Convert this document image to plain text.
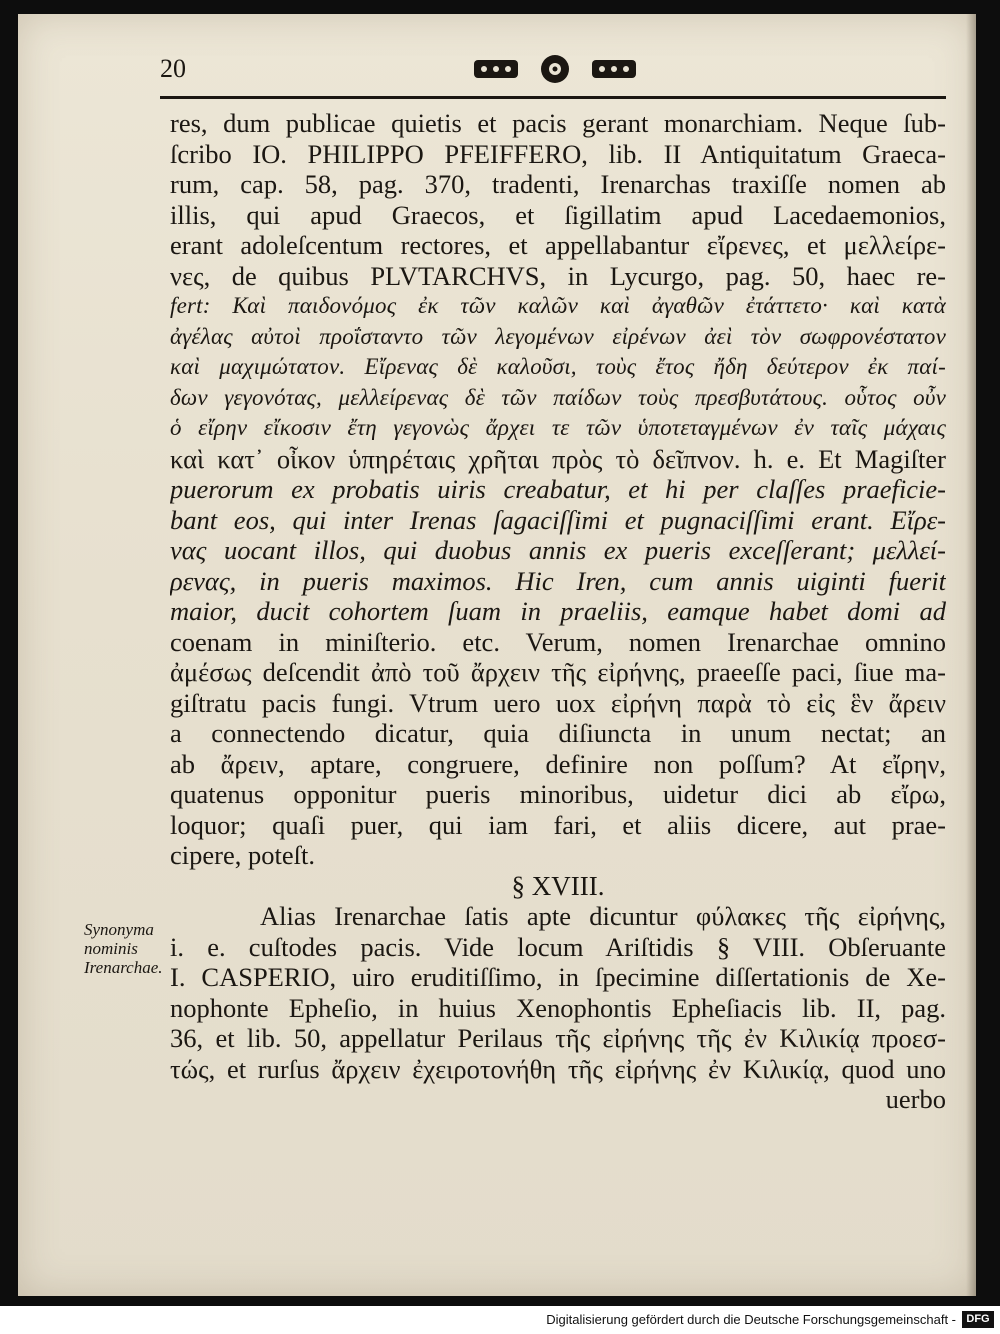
20
res, dum publicae quietis et pacis gerant monarchiam. Neque ſub-
ſcribo IO. PHILIPPO PFEIFFERO, lib. II Antiquitatum Graeca-
rum, cap. 58, pag. 370, tradenti, Irenarchas traxiſſe nomen ab
illis, qui apud Graecos, et ſigillatim apud Lacedaemonios,
erant adoleſcentum rectores, et appellabantur εἴρενες, et μελλείρε-
νες, de quibus PLVTARCHVS, in Lycurgo, pag. 50, haec re-
fert: Καὶ παιδονόμος ἐκ τῶν καλῶν καὶ ἀγαθῶν ἐτάττετο· καὶ κατὰ
ἀγέλας αὐτοὶ προΐσταντο τῶν λεγομένων εἰρένων ἀεὶ τὸν σωφρονέστατον
καὶ μαχιμώτατον. Εἴρενας δὲ καλοῦσι, τοὺς ἔτος ἤδη δεύτερον ἐκ παί-
δων γεγονότας, μελλείρενας δὲ τῶν παίδων τοὺς πρεσβυτάτους. οὗτος οὖν
ὁ εἴρην εἴκοσιν ἔτη γεγονὼς ἄρχει τε τῶν ὑποτεταγμένων ἐν ταῖς μάχαις
καὶ κατ᾽ οἶκον ὑπηρέταις χρῆται πρὸς τὸ δεῖπνον. h. e. Et Magiſter
puerorum ex probatis uiris creabatur, et hi per claſſes praeficie-
bant eos, qui inter Irenas ſagaciſſimi et pugnaciſſimi erant. Εἴρε-
νας uocant illos, qui duobus annis ex pueris exceſſerant; μελλεί-
ρενας, in pueris maximos. Hic Iren, cum annis uiginti fuerit
maior, ducit cohortem ſuam in praeliis, eamque habet domi ad
coenam in miniſterio. etc. Verum, nomen Irenarchae omnino
ἀμέσως deſcendit ἀπὸ τοῦ ἄρχειν τῆς εἰρήνης, praeeſſe paci, ſiue ma-
giſtratu pacis fungi. Vtrum uero uox εἰρήνη παρὰ τὸ εἰς ἓν ἄρειν
a connectendo dicatur, quia diſiuncta in unum nectat; an
ab ἄρειν, aptare, congruere, definire non poſſum? At εἴρην,
quatenus opponitur pueris minoribus, uidetur dici ab εἴρω,
loquor; quaſi puer, qui iam fari, et aliis dicere, aut prae-
cipere, poteſt.
§ XVIII.
Alias Irenarchae ſatis apte dicuntur φύλακες τῆς εἰρήνης,
i. e. cuſtodes pacis. Vide locum Ariſtidis § VIII. Obſeruante
I. CASPERIO, uiro eruditiſſimo, in ſpecimine diſſertationis de Xe-
nophonte Epheſio, in huius Xenophontis Epheſiacis lib. II, pag.
36, et lib. 50, appellatur Perilaus τῆς εἰρήνης τῆς ἐν Κιλικίᾳ προεσ-
τώς, et rurſus ἄρχειν ἐχειροτονήθη τῆς εἰρήνης ἐν Κιλικίᾳ, quod uno
uerbo
Synonyma
nominis
Irenarchae.
Digitalisierung gefördert durch die Deutsche Forschungsgemeinschaft - DFG
